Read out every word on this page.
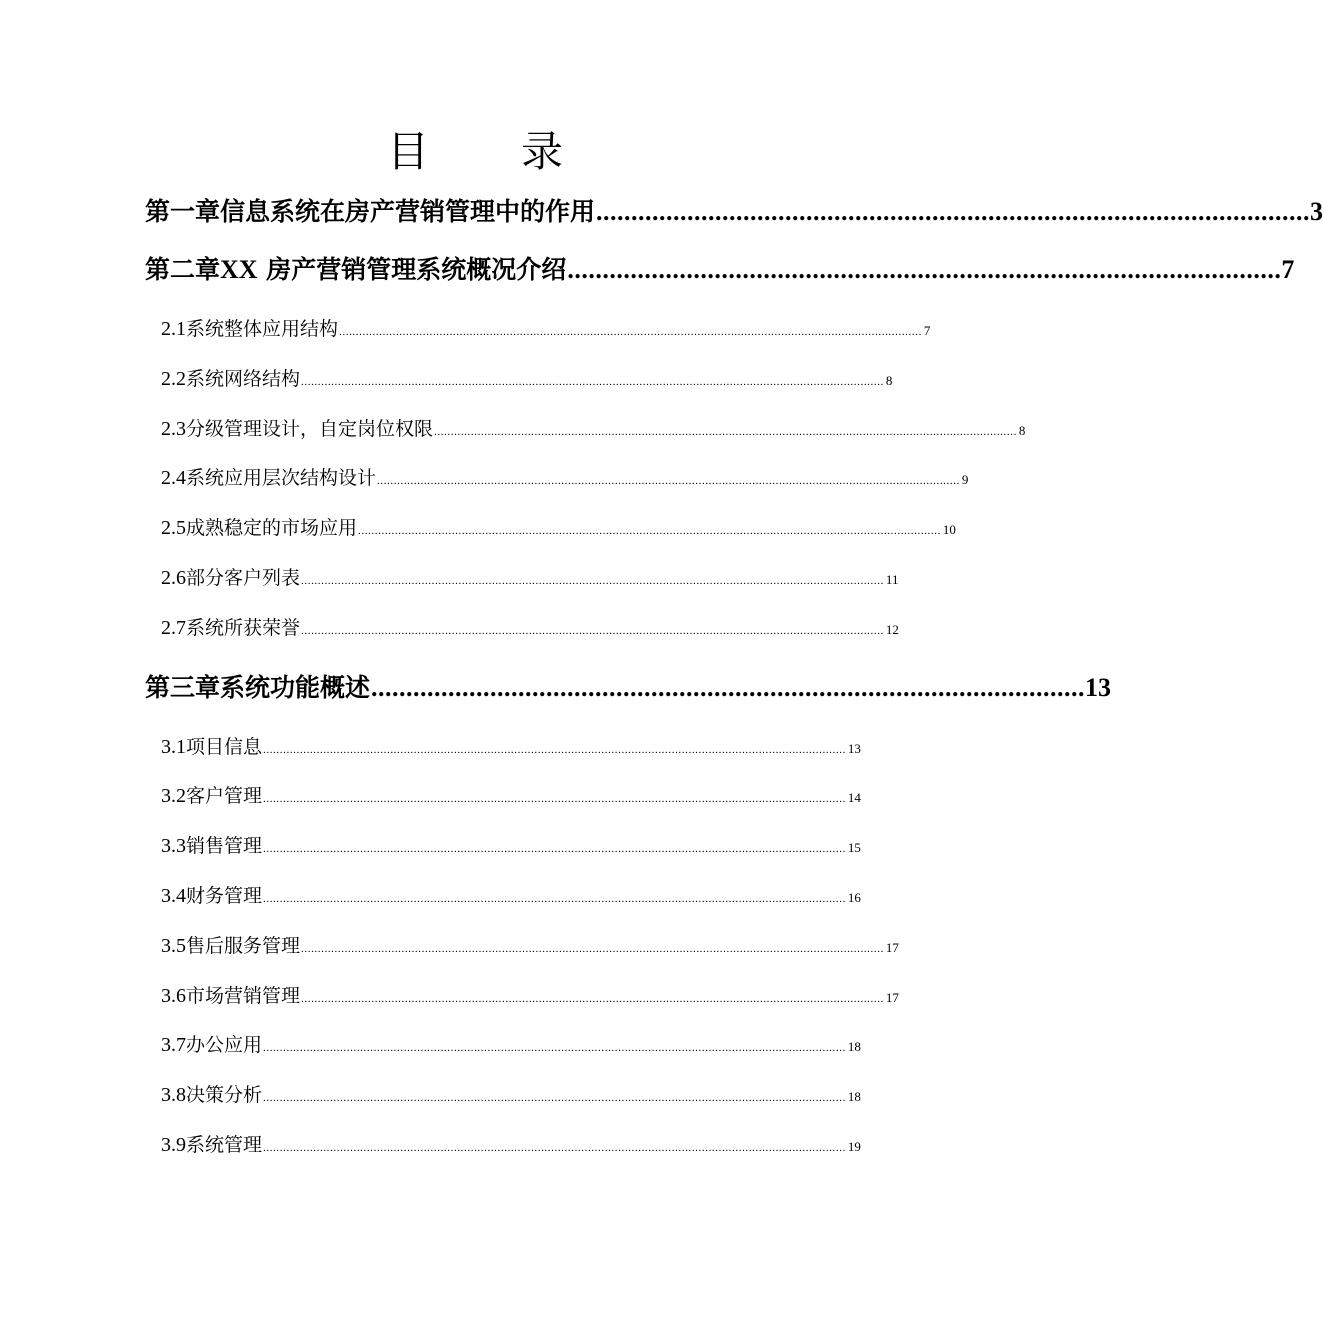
目 录
第一章 信息系统在房产营销管理中的作用 ...................................................................................................... 3
第二章 XX 房产营销管理系统概况介绍 ...................................................................................................... 7
2.1 系统整体应用结构 .............................................................................................................................................................................. 7
2.2 系统网络结构 .............................................................................................................................................................................. 8
2.3 分级管理设计，自定岗位权限 .............................................................................................................................................................................. 8
2.4 系统应用层次结构设计 .............................................................................................................................................................................. 9
2.5 成熟稳定的市场应用 .............................................................................................................................................................................. 10
2.6 部分客户列表 .............................................................................................................................................................................. 11
2.7 系统所获荣誉 .............................................................................................................................................................................. 12
第三章 系统功能概述 ...................................................................................................... 13
3.1 项目信息 .............................................................................................................................................................................. 13
3.2 客户管理 .............................................................................................................................................................................. 14
3.3 销售管理 .............................................................................................................................................................................. 15
3.4 财务管理 .............................................................................................................................................................................. 16
3.5 售后服务管理 .............................................................................................................................................................................. 17
3.6 市场营销管理 .............................................................................................................................................................................. 17
3.7 办公应用 .............................................................................................................................................................................. 18
3.8 决策分析 .............................................................................................................................................................................. 18
3.9 系统管理 .............................................................................................................................................................................. 19
